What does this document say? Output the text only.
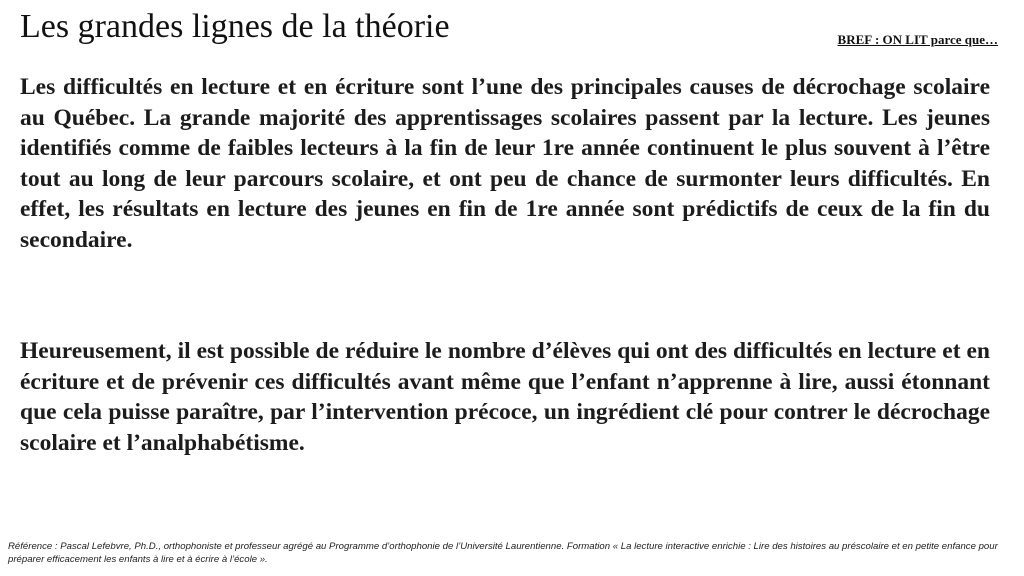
Les grandes lignes de la théorie	BREF : ON LIT parce que…

Les difficultés en lecture et en écriture sont l’une des principales causes de décrochage scolaire au Québec. La grande majorité des apprentissages scolaires passent par la lecture. Les jeunes identifiés comme de faibles lecteurs à la fin de leur 1re année continuent le plus souvent à l’être tout au long de leur parcours scolaire, et ont peu de chance de surmonter leurs difficultés. En effet, les résultats en lecture des jeunes en fin de 1re année sont prédictifs de ceux de la fin du secondaire.

Heureusement, il est possible de réduire le nombre d’élèves qui ont des difficultés en lecture et en écriture et de prévenir ces difficultés avant même que l’enfant n’apprenne à lire, aussi étonnant que cela puisse paraître, par l’intervention précoce, un ingrédient clé pour contrer le décrochage scolaire et l’analphabétisme.

Référence : Pascal Lefebvre, Ph.D., orthophoniste et professeur agrégé au Programme d’orthophonie de l’Université Laurentienne. Formation « La lecture interactive enrichie : Lire des histoires au préscolaire et en petite enfance pour préparer efficacement les enfants à lire et à écrire à l’école ».
